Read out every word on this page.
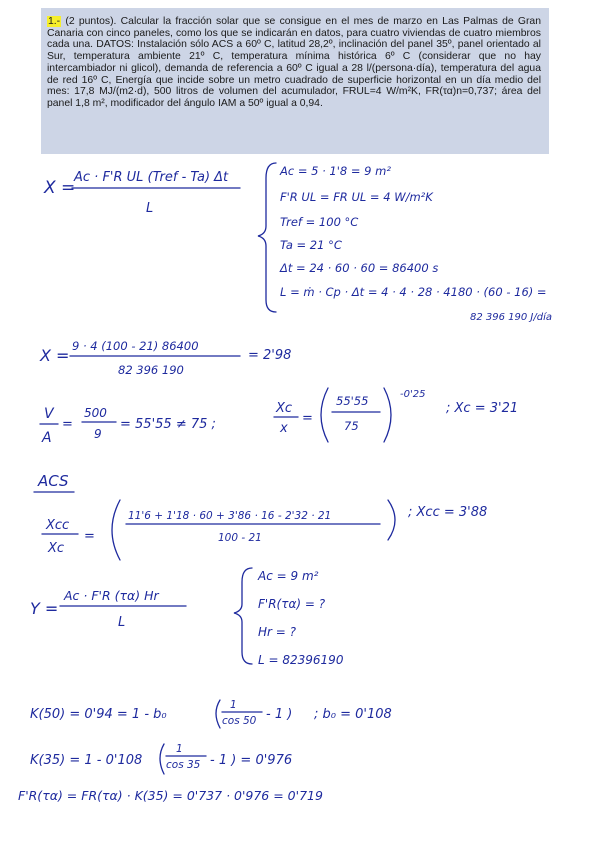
1.- (2 puntos). Calcular la fracción solar que se consigue en el mes de marzo en Las Palmas de Gran Canaria con cinco paneles, como los que se indicarán en datos, para cuatro viviendas de cuatro miembros cada una. DATOS: Instalación sólo ACS a 60º C, latitud 28,2º, inclinación del panel 35º, panel orientado al Sur, temperatura ambiente 21º C, temperatura mínima histórica 6º C (considerar que no hay intercambiador ni glicol), demanda de referencia a 60º C igual a 28 l/(persona·día), temperatura del agua de red 16º C, Energía que incide sobre un metro cuadrado de superficie horizontal en un día medio del mes: 17,8 MJ/(m2·d), 500 litros de volumen del acumulador, FRUL=4 W/m²K, FR(τα)n=0,737; área del panel 1,8 m², modificador del ángulo IAM a 50º igual a 0,94.
X =
Ac · F'R UL (Tref - Ta) Δt
L
Ac = 5 · 1'8 = 9 m²
F'R UL = FR UL = 4 W/m²K
Tref = 100 °C
Ta = 21 °C
Δt = 24 · 60 · 60 = 86400 s
L = ṁ · Cp · Δt = 4 · 4 · 28 · 4180 · (60 - 16) =
82 396 190 J/día
X = 9 · 4 (100 - 21) 86400
82 396 190
= 2'98
V
A
=
500
9
= 55'55 ≠ 75 ;
Xc
x
=
55'55
75
-0'25
; Xc = 3'21
ACS
Xcc
Xc
=
11'6 + 1'18 · 60 + 3'86 · 16 - 2'32 · 21
100 - 21
; Xcc = 3'88
Y =
Ac · F'R (τα) Hr
L
Ac = 9 m²
F'R(τα) = ?
Hr = ?
L = 82396190
K(50) = 0'94 = 1 - b₀
1
cos 50 - 1 ) ; b₀ = 0'108
K(35) = 1 - 0'108
1
cos 35 - 1 ) = 0'976
F'R(τα) = FR(τα) · K(35) = 0'737 · 0'976 = 0'719
